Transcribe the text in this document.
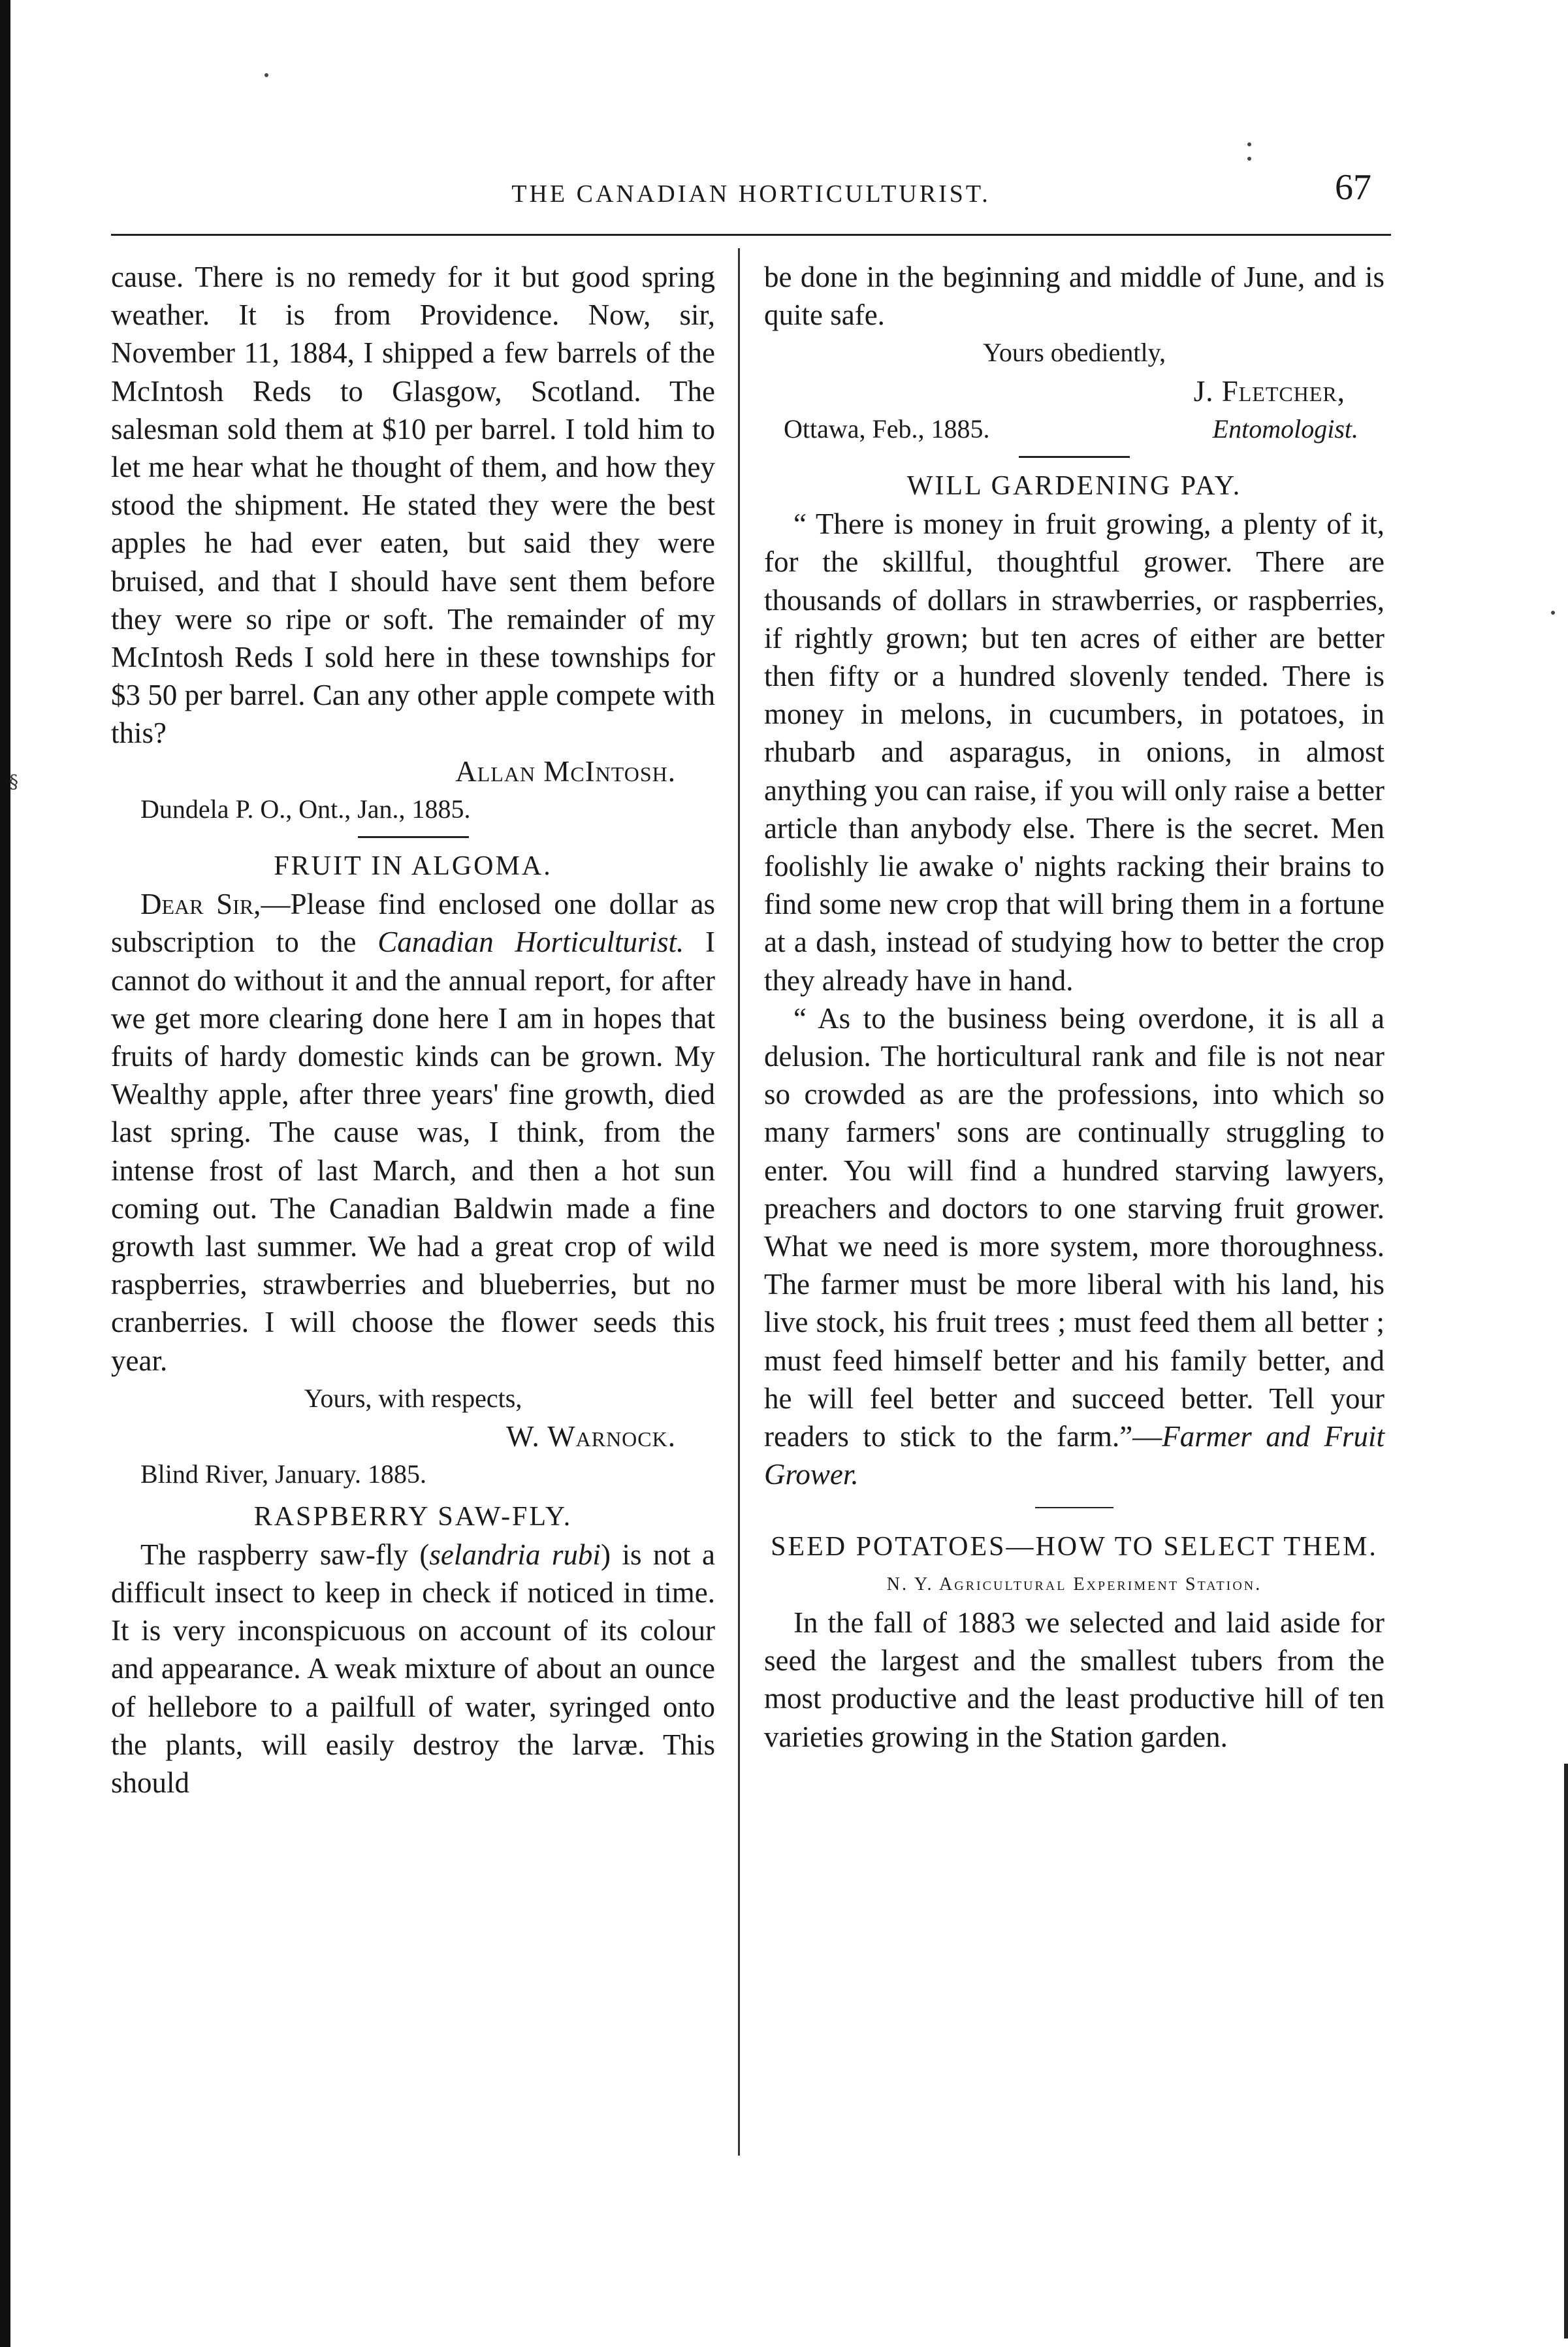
§
THE CANADIAN HORTICULTURIST.	67

cause. There is no remedy for it but good spring weather. It is from Providence. Now, sir, November 11, 1884, I shipped a few barrels of the McIntosh Reds to Glasgow, Scotland. The salesman sold them at $10 per barrel. I told him to let me hear what he thought of them, and how they stood the shipment. He stated they were the best apples he had ever eaten, but said they were bruised, and that I should have sent them before they were so ripe or soft. The remainder of my McIntosh Reds I sold here in these townships for $3 50 per barrel. Can any other apple compete with this?

Allan McIntosh.

Dundela P. O., Ont., Jan., 1885.

FRUIT IN ALGOMA.

Dear Sir,—Please find enclosed one dollar as subscription to the Canadian Horticulturist. I cannot do without it and the annual report, for after we get more clearing done here I am in hopes that fruits of hardy domestic kinds can be grown. My Wealthy apple, after three years' fine growth, died last spring. The cause was, I think, from the intense frost of last March, and then a hot sun coming out. The Canadian Baldwin made a fine growth last summer. We had a great crop of wild raspberries, strawberries and blueberries, but no cranberries. I will choose the flower seeds this year.

Yours, with respects,

W. Warnock.

Blind River, January. 1885.

RASPBERRY SAW-FLY.

The raspberry saw-fly (selandria rubi) is not a difficult insect to keep in check if noticed in time. It is very inconspicuous on account of its colour and appearance. A weak mixture of about an ounce of hellebore to a pailfull of water, syringed onto the plants, will easily destroy the larvæ. This should

be done in the beginning and middle of June, and is quite safe.

Yours obediently,

J. Fletcher,

Ottawa, Feb., 1885.	Entomologist.

WILL GARDENING PAY.

“ There is money in fruit growing, a plenty of it, for the skillful, thoughtful grower. There are thousands of dollars in strawberries, or raspberries, if rightly grown; but ten acres of either are better then fifty or a hundred slovenly tended. There is money in melons, in cucumbers, in potatoes, in rhubarb and asparagus, in onions, in almost anything you can raise, if you will only raise a better article than anybody else. There is the secret. Men foolishly lie awake o' nights racking their brains to find some new crop that will bring them in a fortune at a dash, instead of studying how to better the crop they already have in hand.

“ As to the business being overdone, it is all a delusion. The horticultural rank and file is not near so crowded as are the professions, into which so many farmers' sons are continually struggling to enter. You will find a hundred starving lawyers, preachers and doctors to one starving fruit grower. What we need is more system, more thoroughness. The farmer must be more liberal with his land, his live stock, his fruit trees ; must feed them all better ; must feed himself better and his family better, and he will feel better and succeed better. Tell your readers to stick to the farm.”—Farmer and Fruit Grower.

SEED POTATOES—HOW TO SELECT THEM.

N. Y. Agricultural Experiment Station.

In the fall of 1883 we selected and laid aside for seed the largest and the smallest tubers from the most productive and the least productive hill of ten varieties growing in the Station garden.
